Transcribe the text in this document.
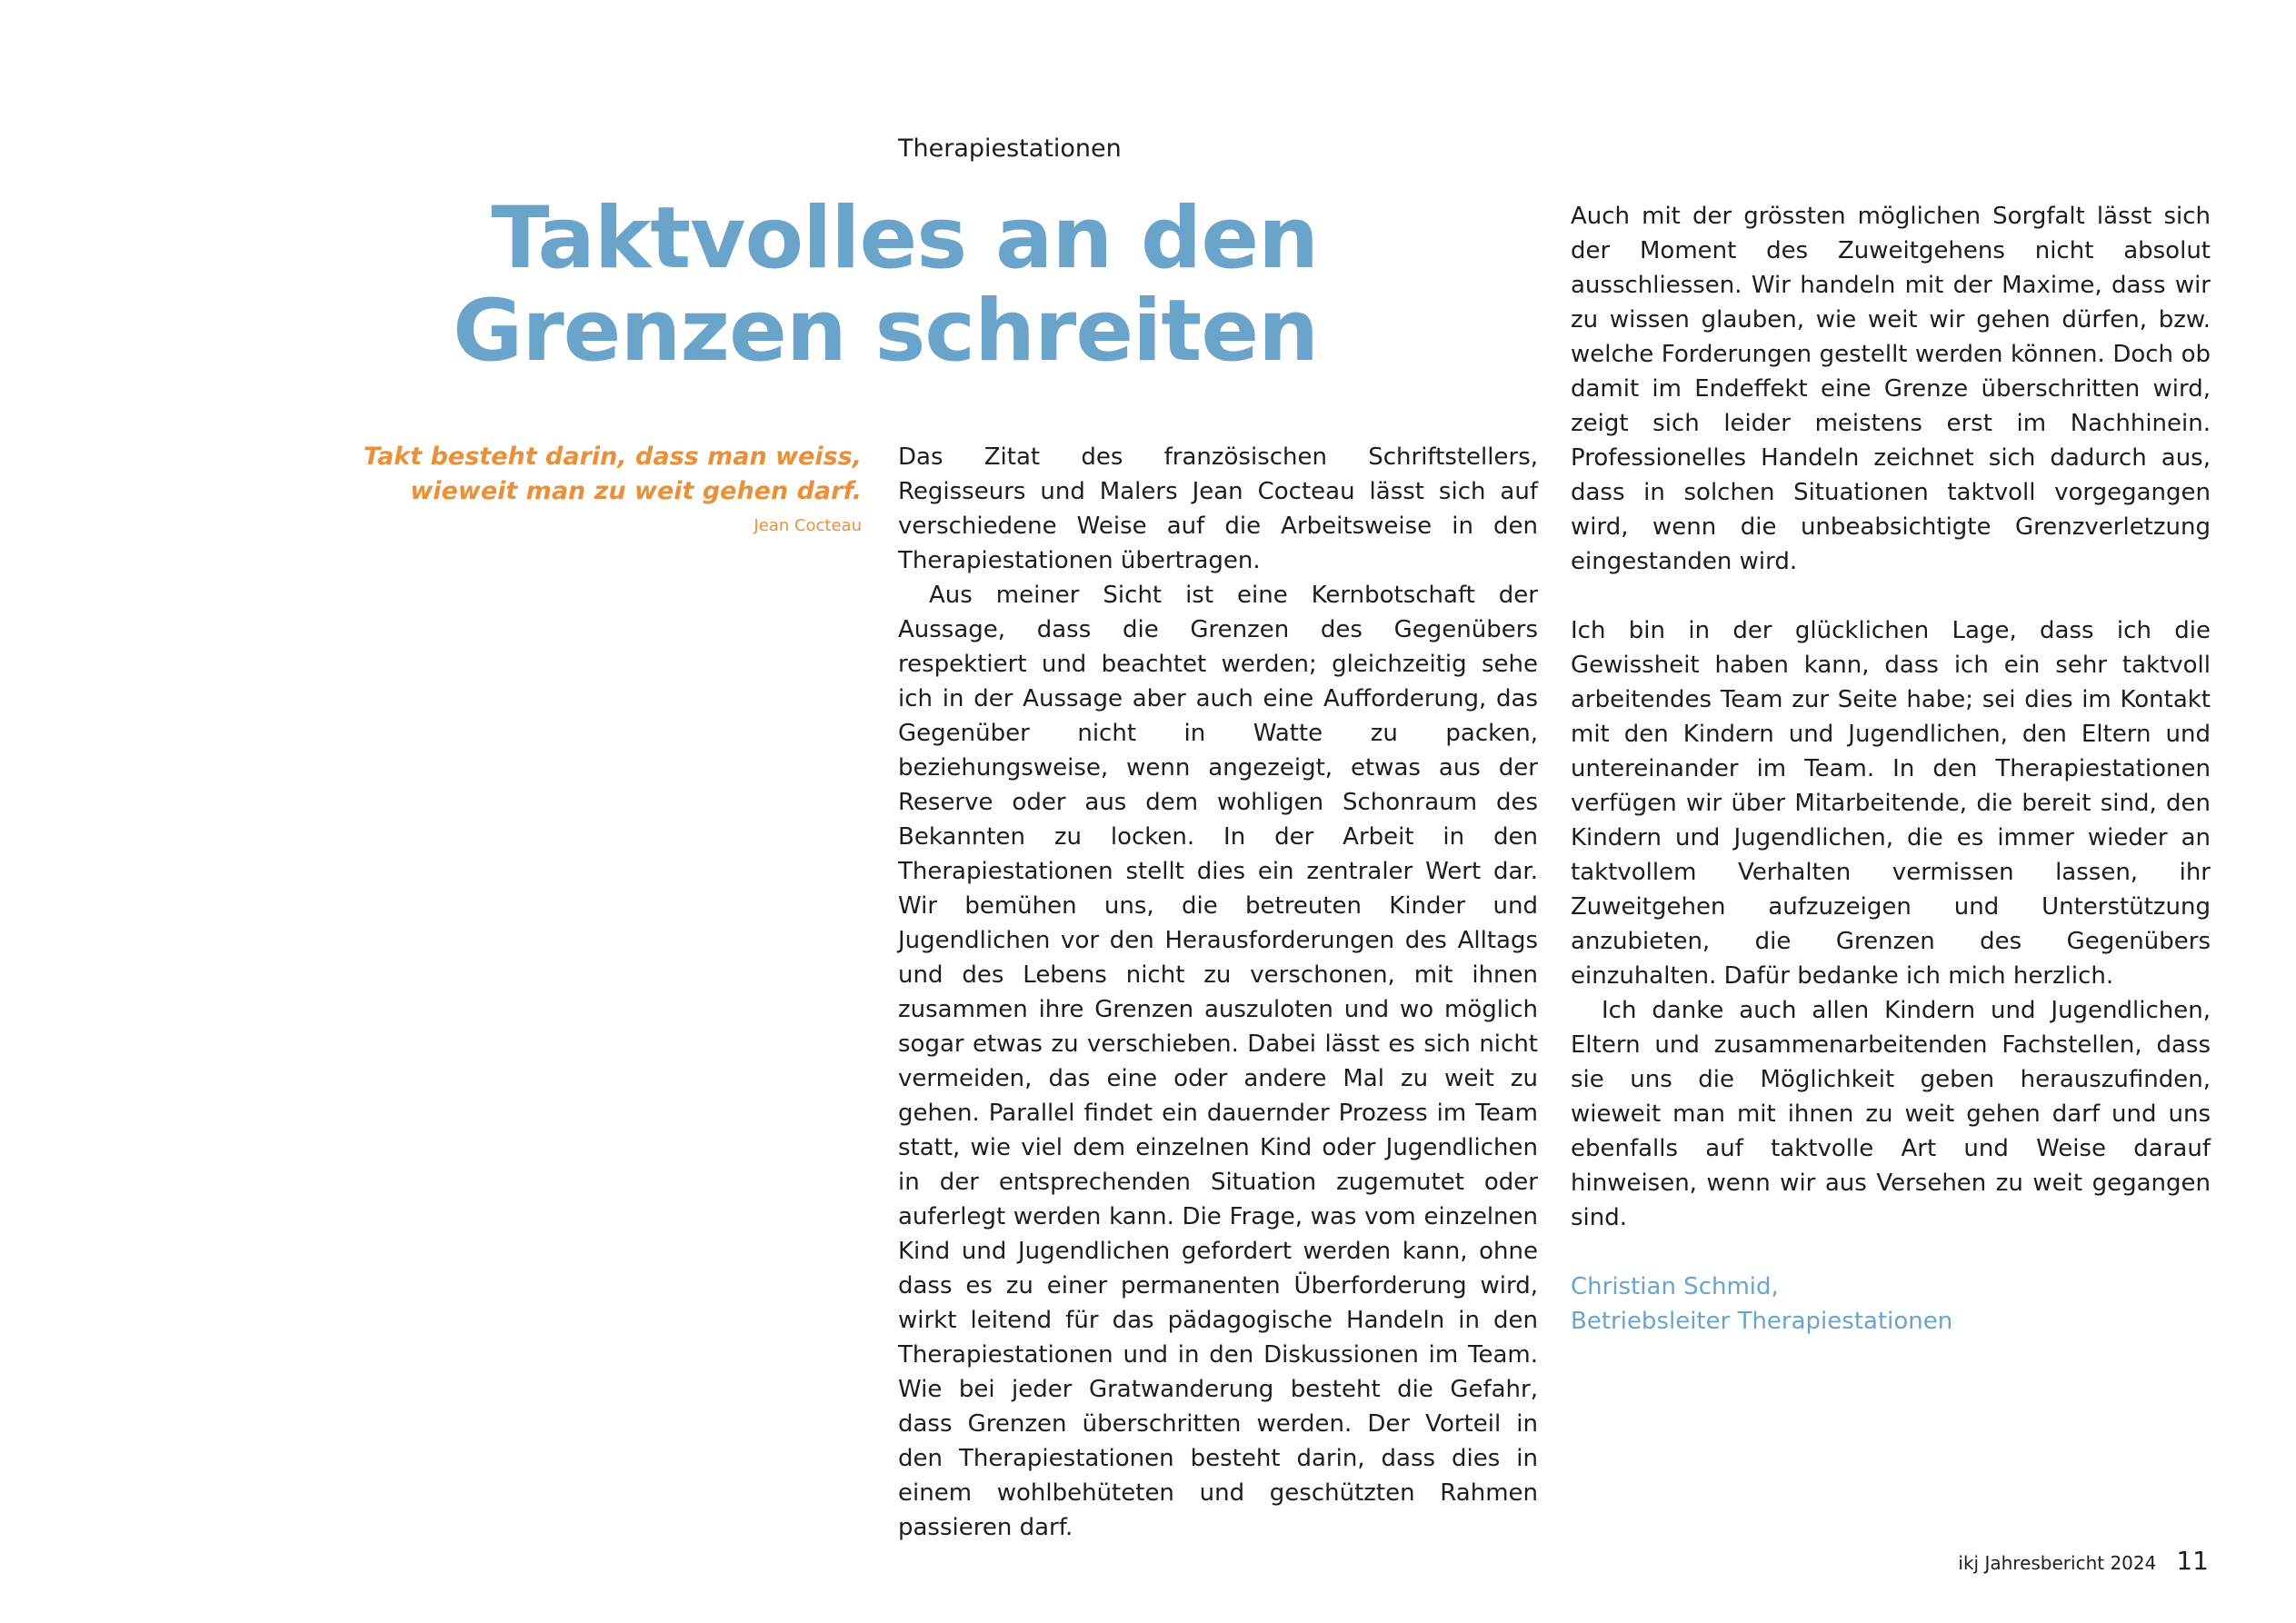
Therapiestationen
Taktvolles an den
Grenzen schreiten

Takt besteht darin, dass man weiss,
wieweit man zu weit gehen darf.

Jean Cocteau

Das Zitat des französischen Schriftstellers, Regisseurs und Malers Jean Cocteau lässt sich auf verschiedene Weise auf die Arbeitsweise in den Therapiestationen übertragen.

Aus meiner Sicht ist eine Kernbotschaft der Aussage, dass die Grenzen des Gegenübers respektiert und beachtet werden; gleichzeitig sehe ich in der Aussage aber auch eine Aufforderung, das Gegenüber nicht in Watte zu packen, beziehungsweise, wenn angezeigt, etwas aus der Reserve oder aus dem wohligen Schonraum des Bekannten zu locken. In der Arbeit in den Therapiestationen stellt dies ein zentraler Wert dar. Wir bemühen uns, die betreuten Kinder und Jugendlichen vor den Herausforderungen des Alltags und des Lebens nicht zu verschonen, mit ihnen zusammen ihre Grenzen auszuloten und wo möglich sogar etwas zu verschieben. Dabei lässt es sich nicht vermeiden, das eine oder andere Mal zu weit zu gehen. Parallel findet ein dauernder Prozess im Team statt, wie viel dem einzelnen Kind oder Jugendlichen in der entsprechenden Situation zugemutet oder auferlegt werden kann. Die Frage, was vom einzelnen Kind und Jugendlichen gefordert werden kann, ohne dass es zu einer permanenten Überforderung wird, wirkt leitend für das pädagogische Handeln in den Therapiestationen und in den Diskussionen im Team. Wie bei jeder Gratwanderung besteht die Gefahr, dass Grenzen überschritten werden. Der Vorteil in den Therapiestationen besteht darin, dass dies in einem wohlbehüteten und geschützten Rahmen passieren darf.

Auch mit der grössten möglichen Sorgfalt lässt sich der Moment des Zuweitgehens nicht absolut ausschliessen. Wir handeln mit der Maxime, dass wir zu wissen glauben, wie weit wir gehen dürfen, bzw. welche Forderungen gestellt werden können. Doch ob damit im Endeffekt eine Grenze überschritten wird, zeigt sich leider meistens erst im Nachhinein. Professionelles Handeln zeichnet sich dadurch aus, dass in solchen Situationen taktvoll vorgegangen wird, wenn die unbeabsichtigte Grenzverletzung eingestanden wird.

Ich bin in der glücklichen Lage, dass ich die Gewissheit haben kann, dass ich ein sehr taktvoll arbeitendes Team zur Seite habe; sei dies im Kontakt mit den Kindern und Jugendlichen, den Eltern und untereinander im Team. In den Therapiestationen verfügen wir über Mitarbeitende, die bereit sind, den Kindern und Jugendlichen, die es immer wieder an taktvollem Verhalten vermissen lassen, ihr Zuweitgehen aufzuzeigen und Unterstützung anzubieten, die Grenzen des Gegenübers einzuhalten. Dafür bedanke ich mich herzlich.

Ich danke auch allen Kindern und Jugendlichen, Eltern und zusammenarbeitenden Fachstellen, dass sie uns die Möglichkeit geben herauszufinden, wieweit man mit ihnen zu weit gehen darf und uns ebenfalls auf taktvolle Art und Weise darauf hinweisen, wenn wir aus Versehen zu weit gegangen sind.

Christian Schmid,
Betriebsleiter Therapiestationen

ikj Jahresbericht 2024 11
